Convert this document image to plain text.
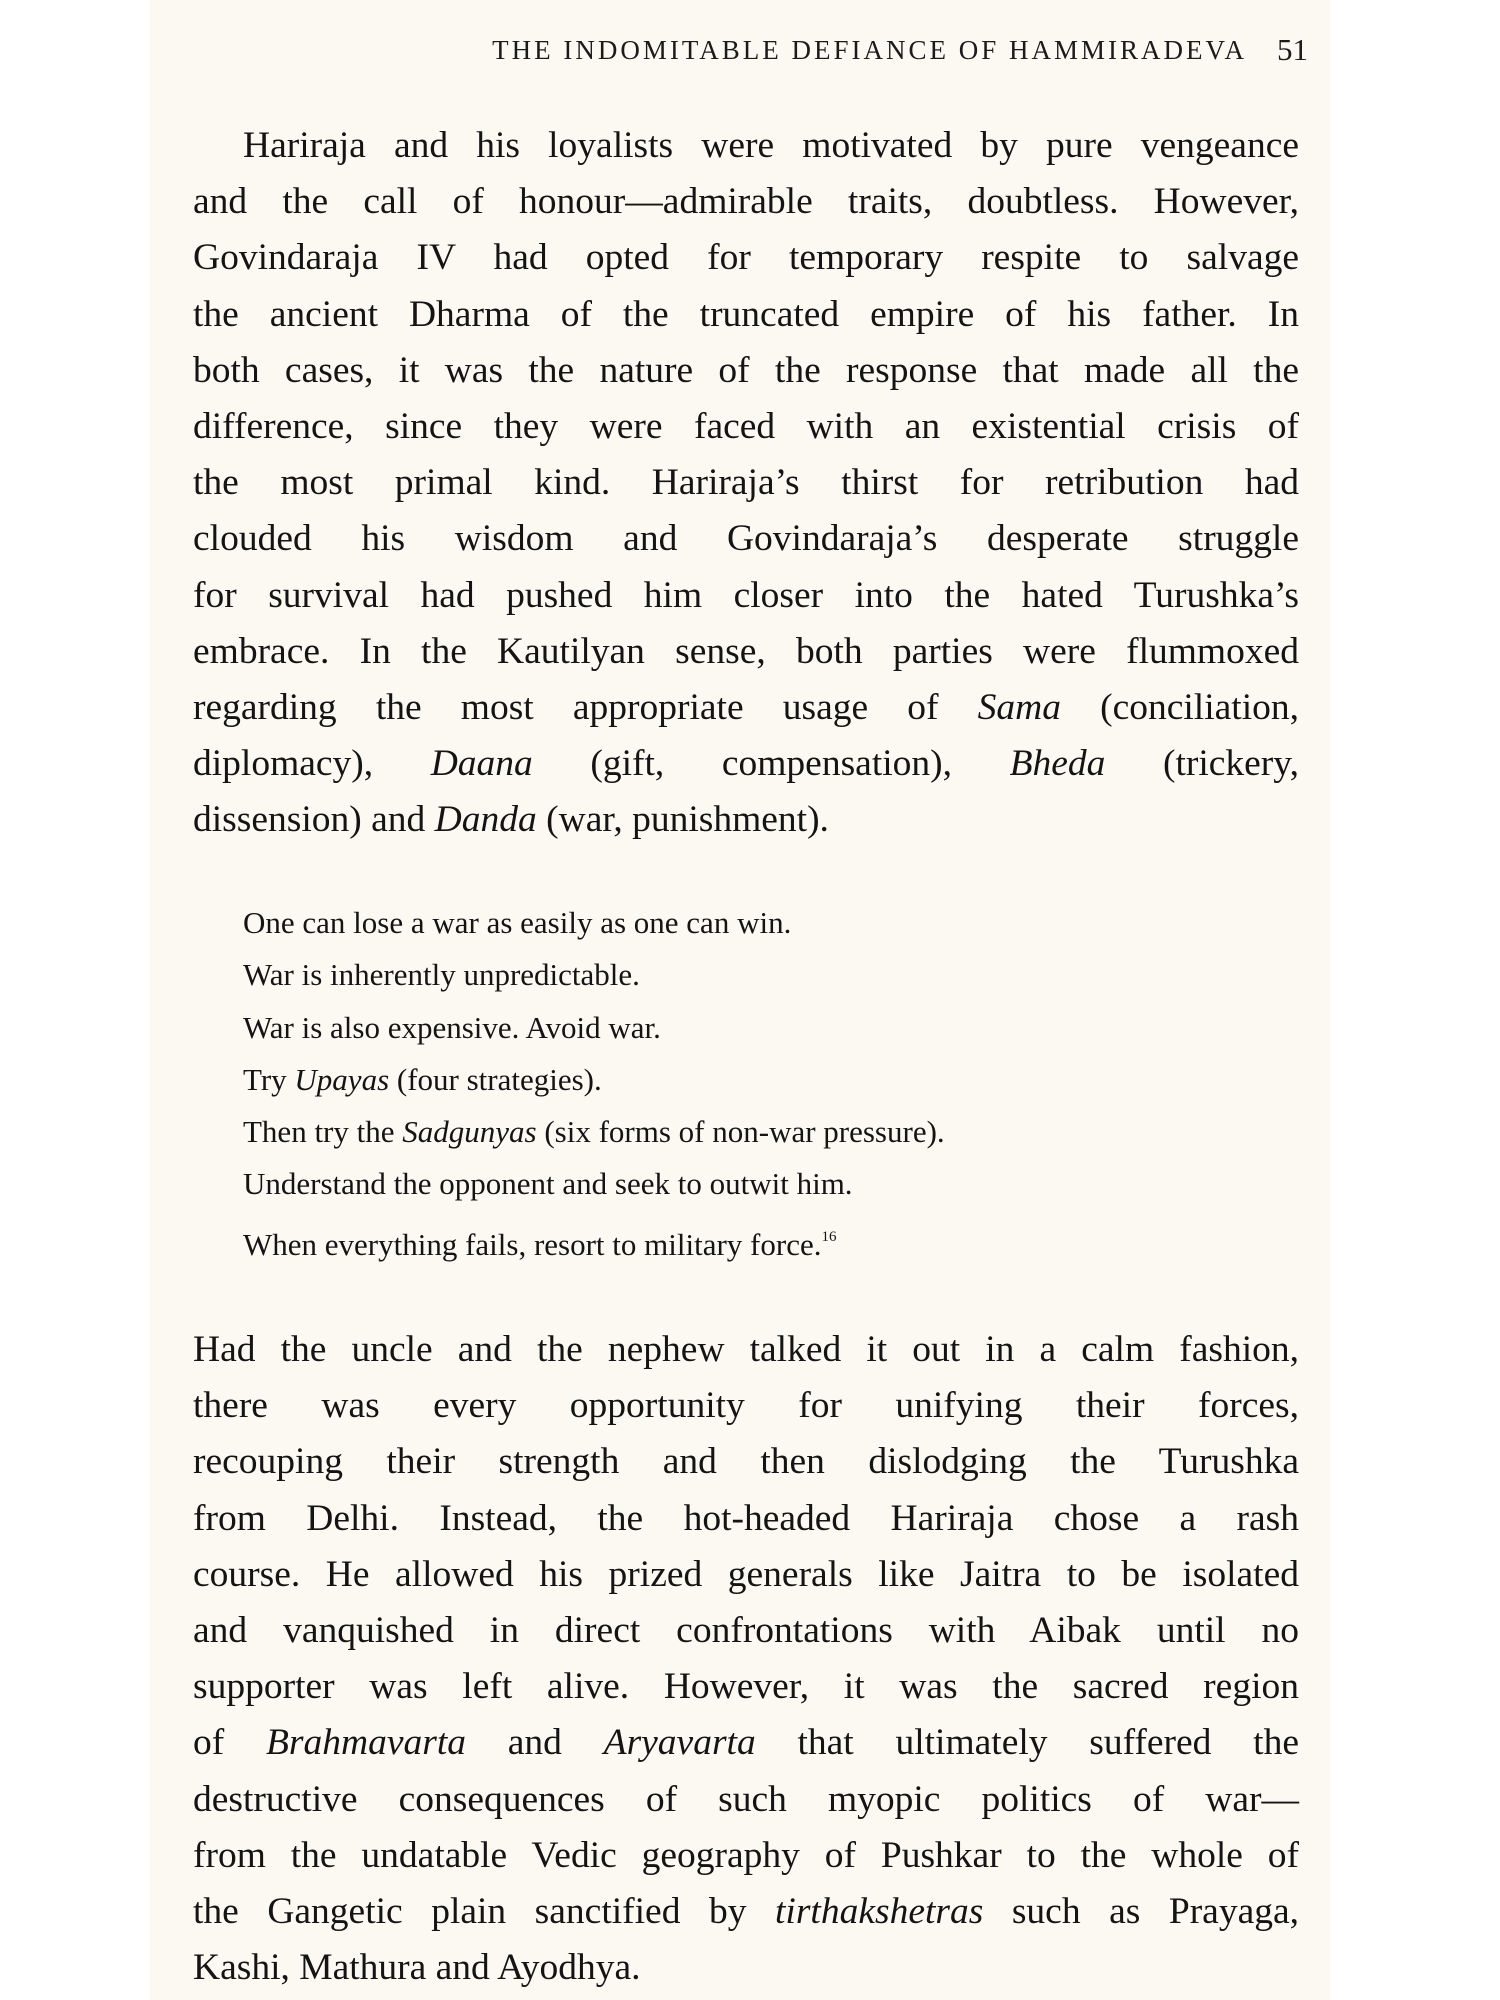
THE INDOMITABLE DEFIANCE OF HAMMIRADEVA 51

Hariraja and his loyalists were motivated by pure vengeance
and the call of honour—admirable traits, doubtless. However,
Govindaraja IV had opted for temporary respite to salvage
the ancient Dharma of the truncated empire of his father. In
both cases, it was the nature of the response that made all the
difference, since they were faced with an existential crisis of
the most primal kind. Hariraja’s thirst for retribution had
clouded his wisdom and Govindaraja’s desperate struggle
for survival had pushed him closer into the hated Turushka’s
embrace. In the Kautilyan sense, both parties were flummoxed
regarding the most appropriate usage of Sama (conciliation,
diplomacy), Daana (gift, compensation), Bheda (trickery,
dissension) and Danda (war, punishment).

One can lose a war as easily as one can win.
War is inherently unpredictable.
War is also expensive. Avoid war.
Try Upayas (four strategies).
Then try the Sadgunyas (six forms of non-war pressure).
Understand the opponent and seek to outwit him.
When everything fails, resort to military force.$^{16}$

Had the uncle and the nephew talked it out in a calm fashion,
there was every opportunity for unifying their forces,
recouping their strength and then dislodging the Turushka
from Delhi. Instead, the hot-headed Hariraja chose a rash
course. He allowed his prized generals like Jaitra to be isolated
and vanquished in direct confrontations with Aibak until no
supporter was left alive. However, it was the sacred region
of Brahmavarta and Aryavarta that ultimately suffered the
destructive consequences of such myopic politics of war—
from the undatable Vedic geography of Pushkar to the whole of
the Gangetic plain sanctified by tirthakshetras such as Prayaga,
Kashi, Mathura and Ayodhya.
